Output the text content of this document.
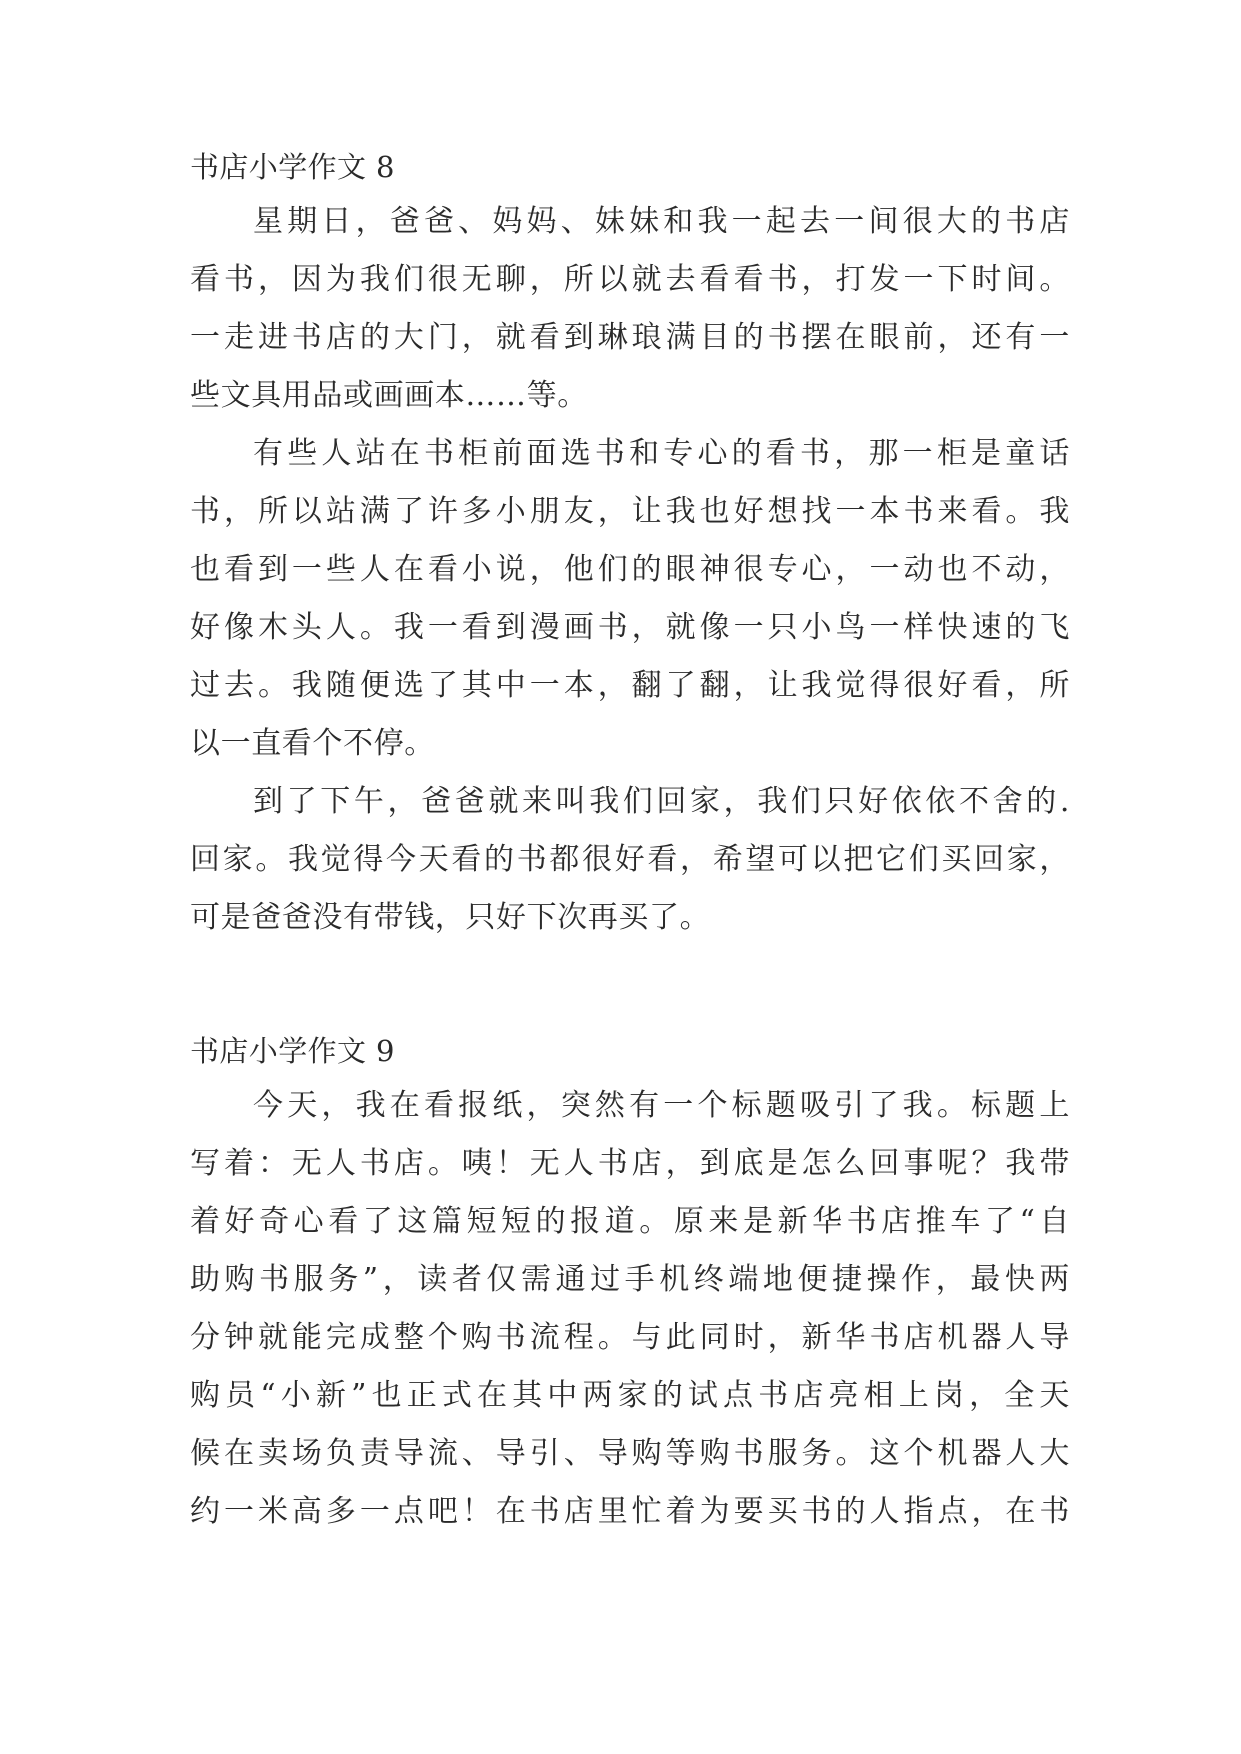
书店小学作文 8
星期日，爸爸、妈妈、妹妹和我一起去一间很大的书店
看书，因为我们很无聊，所以就去看看书，打发一下时间。
一走进书店的大门，就看到琳琅满目的书摆在眼前，还有一
些文具用品或画画本……等。
有些人站在书柜前面选书和专心的看书，那一柜是童话
书，所以站满了许多小朋友，让我也好想找一本书来看。我
也看到一些人在看小说，他们的眼神很专心，一动也不动，
好像木头人。我一看到漫画书，就像一只小鸟一样快速的飞
过去。我随便选了其中一本，翻了翻，让我觉得很好看，所
以一直看个不停。
到了下午，爸爸就来叫我们回家，我们只好依依不舍的.
回家。我觉得今天看的书都很好看，希望可以把它们买回家，
可是爸爸没有带钱，只好下次再买了。
书店小学作文 9
今天，我在看报纸，突然有一个标题吸引了我。标题上
写着：无人书店。咦！无人书店，到底是怎么回事呢？我带
着好奇心看了这篇短短的报道。原来是新华书店推车了“自
助购书服务”，读者仅需通过手机终端地便捷操作，最快两
分钟就能完成整个购书流程。与此同时，新华书店机器人导
购员“小新”也正式在其中两家的试点书店亮相上岗，全天
候在卖场负责导流、导引、导购等购书服务。这个机器人大
约一米高多一点吧！在书店里忙着为要买书的人指点，在书
